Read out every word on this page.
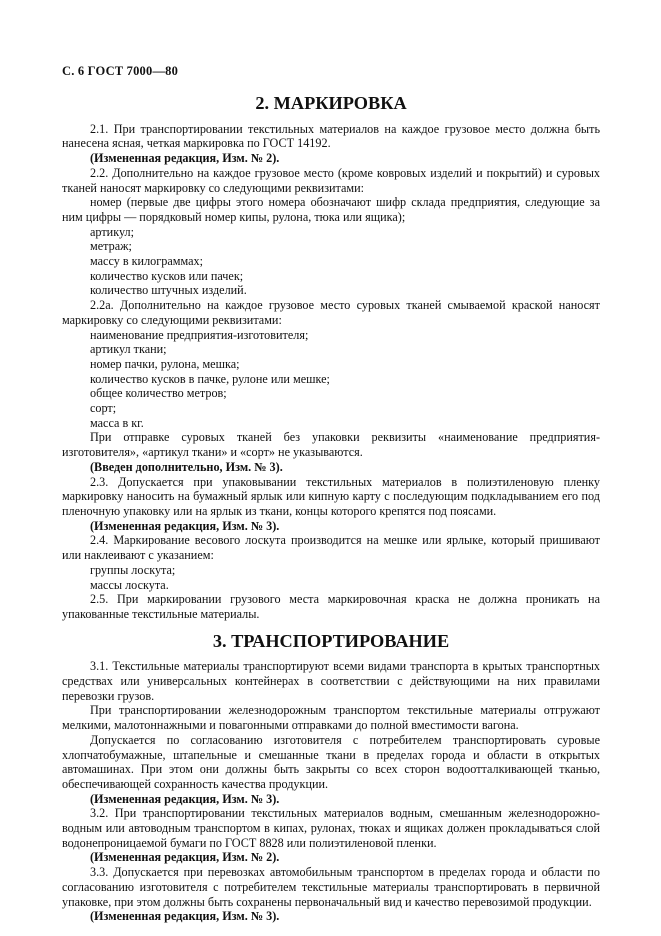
С. 6 ГОСТ 7000—80
2. МАРКИРОВКА

2.1. При транспортировании текстильных материалов на каждое грузовое место должна быть нанесена ясная, четкая маркировка по ГОСТ 14192.

(Измененная редакция, Изм. № 2).

2.2. Дополнительно на каждое грузовое место (кроме ковровых изделий и покрытий) и суровых тканей наносят маркировку со следующими реквизитами:

номер (первые две цифры этого номера обозначают шифр склада предприятия, следующие за ним цифры — порядковый номер кипы, рулона, тюка или ящика);

артикул;

метраж;

массу в килограммах;

количество кусков или пачек;

количество штучных изделий.

2.2а. Дополнительно на каждое грузовое место суровых тканей смываемой краской наносят маркировку со следующими реквизитами:

наименование предприятия-изготовителя;

артикул ткани;

номер пачки, рулона, мешка;

количество кусков в пачке, рулоне или мешке;

общее количество метров;

сорт;

масса в кг.

При отправке суровых тканей без упаковки реквизиты «наименование предприятия-изготовителя», «артикул ткани» и «сорт» не указываются.

(Введен дополнительно, Изм. № 3).

2.3. Допускается при упаковывании текстильных материалов в полиэтиленовую пленку маркировку наносить на бумажный ярлык или кипную карту с последующим подкладыванием его под пленочную упаковку или на ярлык из ткани, концы которого крепятся под поясами.

(Измененная редакция, Изм. № 3).

2.4. Маркирование весового лоскута производится на мешке или ярлыке, который пришивают или наклеивают с указанием:

группы лоскута;

массы лоскута.

2.5. При маркировании грузового места маркировочная краска не должна проникать на упакованные текстильные материалы.

3. ТРАНСПОРТИРОВАНИЕ

3.1. Текстильные материалы транспортируют всеми видами транспорта в крытых транспортных средствах или универсальных контейнерах в соответствии с действующими на них правилами перевозки грузов.

При транспортировании железнодорожным транспортом текстильные материалы отгружают мелкими, малотоннажными и повагонными отправками до полной вместимости вагона.

Допускается по согласованию изготовителя с потребителем транспортировать суровые хлопчатобумажные, штапельные и смешанные ткани в пределах города и области в открытых автомашинах. При этом они должны быть закрыты со всех сторон водоотталкивающей тканью, обеспечивающей сохранность качества продукции.

(Измененная редакция, Изм. № 3).

3.2. При транспортировании текстильных материалов водным, смешанным железнодорожно-водным или автоводным транспортом в кипах, рулонах, тюках и ящиках должен прокладываться слой водонепроницаемой бумаги по ГОСТ 8828 или полиэтиленовой пленки.

(Измененная редакция, Изм. № 2).

3.3. Допускается при перевозках автомобильным транспортом в пределах города и области по согласованию изготовителя с потребителем текстильные материалы транспортировать в первичной упаковке, при этом должны быть сохранены первоначальный вид и качество перевозимой продукции.

(Измененная редакция, Изм. № 3).
